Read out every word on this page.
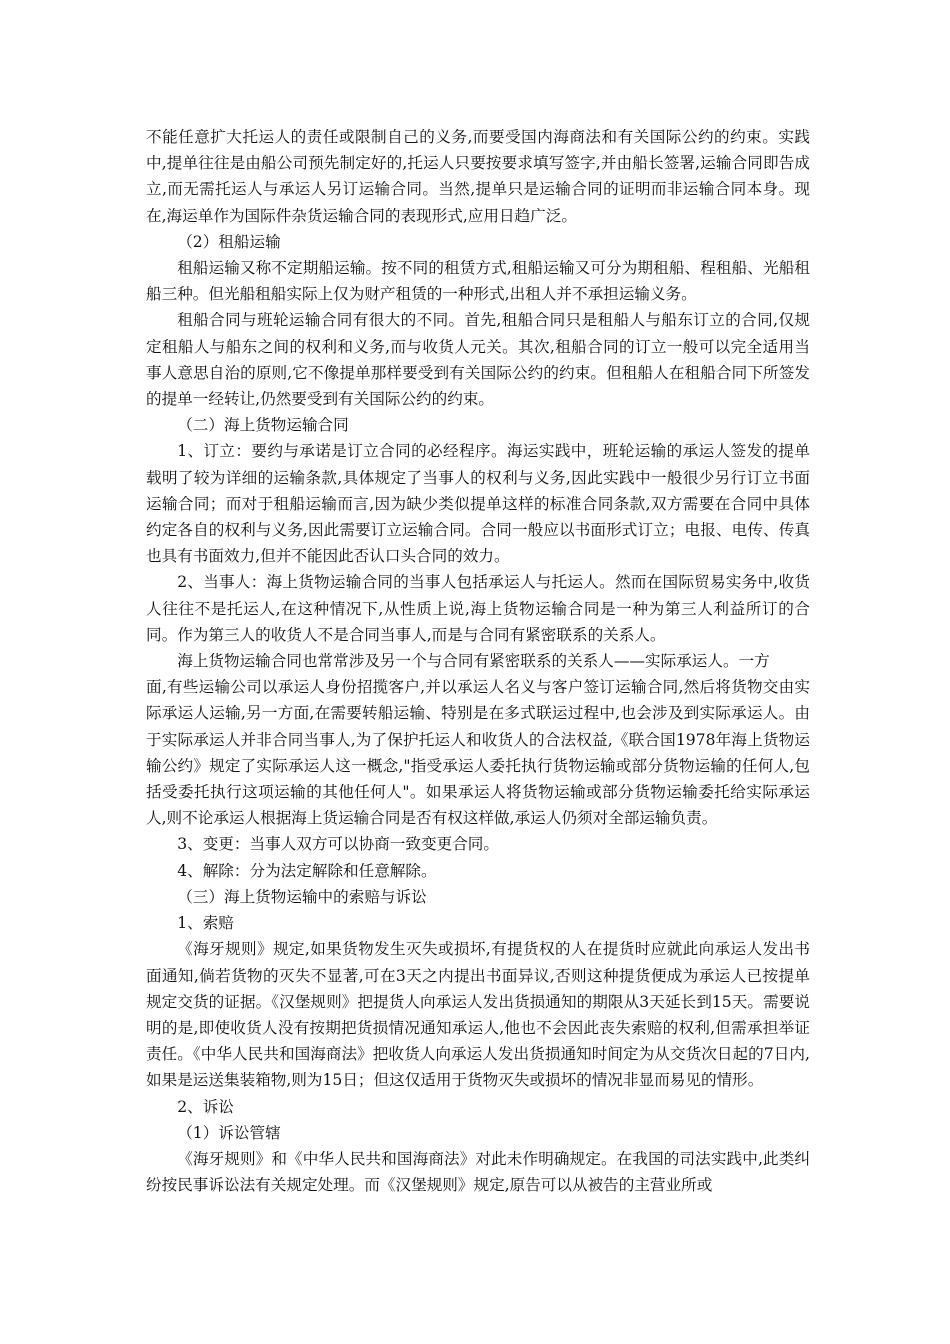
不能任意扩大托运人的责任或限制自己的义务,而要受国内海商法和有关国际公约的约束。实践中,提单往往是由船公司预先制定好的,托运人只要按要求填写签字,并由船长签署,运输合同即告成立,而无需托运人与承运人另订运输合同。当然,提单只是运输合同的证明而非运输合同本身。现在,海运单作为国际件杂货运输合同的表现形式,应用日趋广泛。

（2）租船运输

租船运输又称不定期船运输。按不同的租赁方式,租船运输又可分为期租船、程租船、光船租船三种。但光船租船实际上仅为财产租赁的一种形式,出租人并不承担运输义务。

租船合同与班轮运输合同有很大的不同。首先,租船合同只是租船人与船东订立的合同,仅规定租船人与船东之间的权利和义务,而与收货人元关。其次,租船合同的订立一般可以完全适用当事人意思自治的原则,它不像提单那样要受到有关国际公约的约束。但租船人在租船合同下所签发的提单一经转让,仍然要受到有关国际公约的约束。

（二）海上货物运输合同

1、订立：要约与承诺是订立合同的必经程序。海运实践中，班轮运输的承运人签发的提单载明了较为详细的运输条款,具体规定了当事人的权利与义务,因此实践中一般很少另行订立书面运输合同；而对于租船运输而言,因为缺少类似提单这样的标准合同条款,双方需要在合同中具体约定各自的权利与义务,因此需要订立运输合同。合同一般应以书面形式订立；电报、电传、传真也具有书面效力,但并不能因此否认口头合同的效力。

2、当事人：海上货物运输合同的当事人包括承运人与托运人。然而在国际贸易实务中,收货人往往不是托运人,在这种情况下,从性质上说,海上货物运输合同是一种为第三人利益所订的合同。作为第三人的收货人不是合同当事人,而是与合同有紧密联系的关系人。

海上货物运输合同也常常涉及另一个与合同有紧密联系的关系人——实际承运人。一方

面,有些运输公司以承运人身份招揽客户,并以承运人名义与客户签订运输合同,然后将货物交由实际承运人运输,另一方面,在需要转船运输、特别是在多式联运过程中,也会涉及到实际承运人。由于实际承运人并非合同当事人,为了保护托运人和收货人的合法权益,《联合国1978年海上货物运输公约》规定了实际承运人这一概念,"指受承运人委托执行货物运输或部分货物运输的任何人,包括受委托执行这项运输的其他任何人"。如果承运人将货物运输或部分货物运输委托给实际承运人,则不论承运人根据海上货运输合同是否有权这样做,承运人仍须对全部运输负责。

3、变更：当事人双方可以协商一致变更合同。

4、解除：分为法定解除和任意解除。

（三）海上货物运输中的索赔与诉讼

1、索赔

《海牙规则》规定,如果货物发生灭失或损坏,有提货权的人在提货时应就此向承运人发出书面通知,倘若货物的灭失不显著,可在3天之内提出书面异议,否则这种提货便成为承运人已按提单规定交货的证据。《汉堡规则》把提货人向承运人发出货损通知的期限从3天延长到15天。需要说明的是,即使收货人没有按期把货损情况通知承运人,他也不会因此丧失索赔的权利,但需承担举证责任。《中华人民共和国海商法》把收货人向承运人发出货损通知时间定为从交货次日起的7日内,如果是运送集装箱物,则为15日；但这仅适用于货物灭失或损坏的情况非显而易见的情形。

2、诉讼

（1）诉讼管辖

《海牙规则》和《中华人民共和国海商法》对此未作明确规定。在我国的司法实践中,此类纠纷按民事诉讼法有关规定处理。而《汉堡规则》规定,原告可以从被告的主营业所或
